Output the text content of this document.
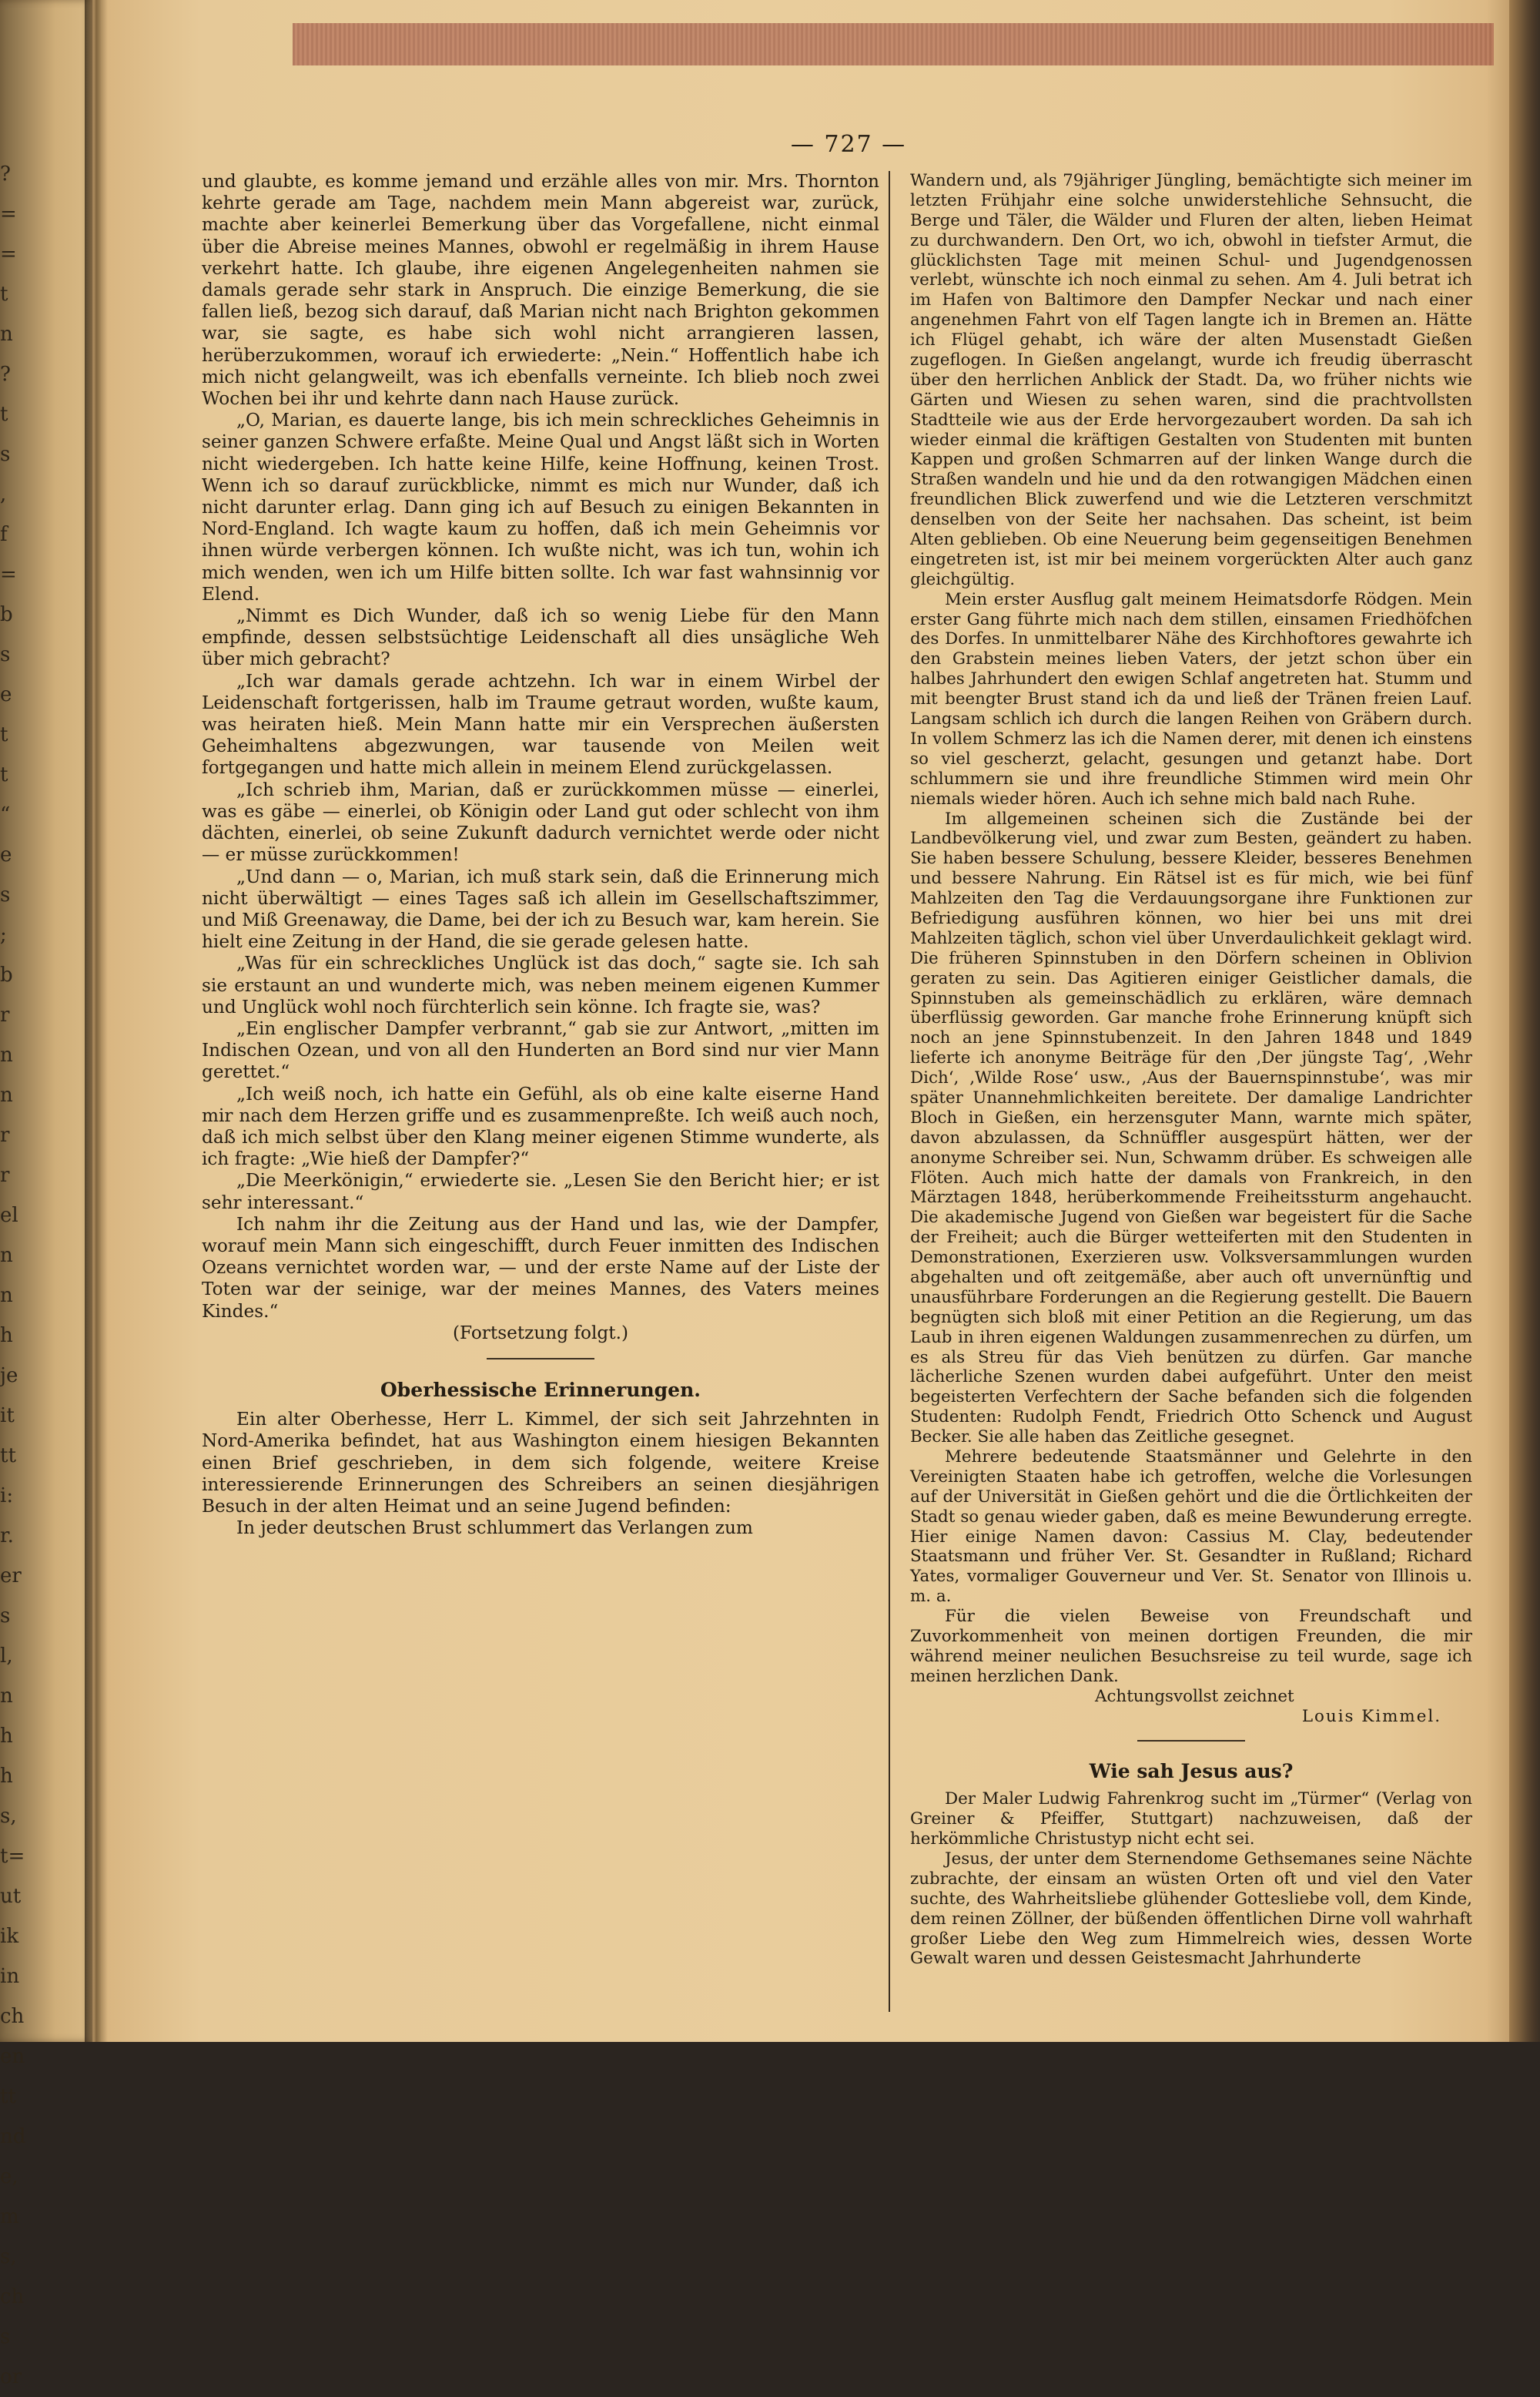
?
=
=
t
n
?
t
s
,
f
=
b
s
e
t
t
“
e
s
;
b
r
n
n
r
r
el
n
n
h
je
it
tt
i:
r.
er
s
l,
n
h
h
s,
t=
ut
ik
in
ch
en
tt
nd
e,
m
s,
ch
s
or
— 727 —

und glaubte, es komme jemand und erzähle alles von mir. Mrs. Thornton kehrte gerade am Tage, nachdem mein Mann abgereist war, zurück, machte aber keinerlei Bemerkung über das Vorgefallene, nicht einmal über die Abreise meines Mannes, obwohl er regelmäßig in ihrem Hause verkehrt hatte. Ich glaube, ihre eigenen Angelegenheiten nahmen sie damals gerade sehr stark in Anspruch. Die einzige Bemerkung, die sie fallen ließ, bezog sich darauf, daß Marian nicht nach Brighton gekommen war, sie sagte, es habe sich wohl nicht arrangieren lassen, herüberzukommen, worauf ich erwiederte: „Nein.“ Hoffentlich habe ich mich nicht gelangweilt, was ich ebenfalls verneinte. Ich blieb noch zwei Wochen bei ihr und kehrte dann nach Hause zurück.

„O, Marian, es dauerte lange, bis ich mein schreckliches Geheimnis in seiner ganzen Schwere erfaßte. Meine Qual und Angst läßt sich in Worten nicht wiedergeben. Ich hatte keine Hilfe, keine Hoffnung, keinen Trost. Wenn ich so darauf zurückblicke, nimmt es mich nur Wunder, daß ich nicht darunter erlag. Dann ging ich auf Besuch zu einigen Bekannten in Nord-England. Ich wagte kaum zu hoffen, daß ich mein Geheimnis vor ihnen würde verbergen können. Ich wußte nicht, was ich tun, wohin ich mich wenden, wen ich um Hilfe bitten sollte. Ich war fast wahnsinnig vor Elend.

„Nimmt es Dich Wunder, daß ich so wenig Liebe für den Mann empfinde, dessen selbstsüchtige Leidenschaft all dies unsägliche Weh über mich gebracht?

„Ich war damals gerade achtzehn. Ich war in einem Wirbel der Leidenschaft fortgerissen, halb im Traume getraut worden, wußte kaum, was heiraten hieß. Mein Mann hatte mir ein Versprechen äußersten Geheimhaltens abgezwungen, war tausende von Meilen weit fortgegangen und hatte mich allein in meinem Elend zurückgelassen.

„Ich schrieb ihm, Marian, daß er zurückkommen müsse — einerlei, was es gäbe — einerlei, ob Königin oder Land gut oder schlecht von ihm dächten, einerlei, ob seine Zukunft dadurch vernichtet werde oder nicht — er müsse zurückkommen!

„Und dann — o, Marian, ich muß stark sein, daß die Erinnerung mich nicht überwältigt — eines Tages saß ich allein im Gesellschaftszimmer, und Miß Greenaway, die Dame, bei der ich zu Besuch war, kam herein. Sie hielt eine Zeitung in der Hand, die sie gerade gelesen hatte.

„Was für ein schreckliches Unglück ist das doch,“ sagte sie. Ich sah sie erstaunt an und wunderte mich, was neben meinem eigenen Kummer und Unglück wohl noch fürchterlich sein könne. Ich fragte sie, was?

„Ein englischer Dampfer verbrannt,“ gab sie zur Antwort, „mitten im Indischen Ozean, und von all den Hunderten an Bord sind nur vier Mann gerettet.“

„Ich weiß noch, ich hatte ein Gefühl, als ob eine kalte eiserne Hand mir nach dem Herzen griffe und es zusammenpreßte. Ich weiß auch noch, daß ich mich selbst über den Klang meiner eigenen Stimme wunderte, als ich fragte: „Wie hieß der Dampfer?“

„Die Meerkönigin,“ erwiederte sie. „Lesen Sie den Bericht hier; er ist sehr interessant.“

Ich nahm ihr die Zeitung aus der Hand und las, wie der Dampfer, worauf mein Mann sich eingeschifft, durch Feuer inmitten des Indischen Ozeans vernichtet worden war, — und der erste Name auf der Liste der Toten war der seinige, war der meines Mannes, des Vaters meines Kindes.“

(Fortsetzung folgt.)

Oberhessische Erinnerungen.

Ein alter Oberhesse, Herr L. Kimmel, der sich seit Jahrzehnten in Nord-Amerika befindet, hat aus Washington einem hiesigen Bekannten einen Brief geschrieben, in dem sich folgende, weitere Kreise interessierende Erinnerungen des Schreibers an seinen diesjährigen Besuch in der alten Heimat und an seine Jugend befinden:

In jeder deutschen Brust schlummert das Verlangen zum

Wandern und, als 79jähriger Jüngling, bemächtigte sich meiner im letzten Frühjahr eine solche unwiderstehliche Sehnsucht, die Berge und Täler, die Wälder und Fluren der alten, lieben Heimat zu durchwandern. Den Ort, wo ich, obwohl in tiefster Armut, die glücklichsten Tage mit meinen Schul- und Jugendgenossen verlebt, wünschte ich noch einmal zu sehen. Am 4. Juli betrat ich im Hafen von Baltimore den Dampfer Neckar und nach einer angenehmen Fahrt von elf Tagen langte ich in Bremen an. Hätte ich Flügel gehabt, ich wäre der alten Musenstadt Gießen zugeflogen. In Gießen angelangt, wurde ich freudig überrascht über den herrlichen Anblick der Stadt. Da, wo früher nichts wie Gärten und Wiesen zu sehen waren, sind die prachtvollsten Stadtteile wie aus der Erde hervorgezaubert worden. Da sah ich wieder einmal die kräftigen Gestalten von Studenten mit bunten Kappen und großen Schmarren auf der linken Wange durch die Straßen wandeln und hie und da den rotwangigen Mädchen einen freundlichen Blick zuwerfend und wie die Letzteren verschmitzt denselben von der Seite her nachsahen. Das scheint, ist beim Alten geblieben. Ob eine Neuerung beim gegenseitigen Benehmen eingetreten ist, ist mir bei meinem vorgerückten Alter auch ganz gleichgültig.

Mein erster Ausflug galt meinem Heimatsdorfe Rödgen. Mein erster Gang führte mich nach dem stillen, einsamen Friedhöfchen des Dorfes. In unmittelbarer Nähe des Kirchhoftores gewahrte ich den Grabstein meines lieben Vaters, der jetzt schon über ein halbes Jahrhundert den ewigen Schlaf angetreten hat. Stumm und mit beengter Brust stand ich da und ließ der Tränen freien Lauf. Langsam schlich ich durch die langen Reihen von Gräbern durch. In vollem Schmerz las ich die Namen derer, mit denen ich einstens so viel gescherzt, gelacht, gesungen und getanzt habe. Dort schlummern sie und ihre freundliche Stimmen wird mein Ohr niemals wieder hören. Auch ich sehne mich bald nach Ruhe.

Im allgemeinen scheinen sich die Zustände bei der Landbevölkerung viel, und zwar zum Besten, geändert zu haben. Sie haben bessere Schulung, bessere Kleider, besseres Benehmen und bessere Nahrung. Ein Rätsel ist es für mich, wie bei fünf Mahlzeiten den Tag die Verdauungsorgane ihre Funktionen zur Befriedigung ausführen können, wo hier bei uns mit drei Mahlzeiten täglich, schon viel über Unverdaulichkeit geklagt wird. Die früheren Spinnstuben in den Dörfern scheinen in Oblivion geraten zu sein. Das Agitieren einiger Geistlicher damals, die Spinnstuben als gemeinschädlich zu erklären, wäre demnach überflüssig geworden. Gar manche frohe Erinnerung knüpft sich noch an jene Spinnstubenzeit. In den Jahren 1848 und 1849 lieferte ich anonyme Beiträge für den ‚Der jüngste Tag‘, ‚Wehr Dich‘, ‚Wilde Rose‘ usw., ‚Aus der Bauernspinnstube‘, was mir später Unannehmlichkeiten bereitete. Der damalige Landrichter Bloch in Gießen, ein herzensguter Mann, warnte mich später, davon abzulassen, da Schnüffler ausgespürt hätten, wer der anonyme Schreiber sei. Nun, Schwamm drüber. Es schweigen alle Flöten. Auch mich hatte der damals von Frankreich, in den Märztagen 1848, herüberkommende Freiheitssturm angehaucht. Die akademische Jugend von Gießen war begeistert für die Sache der Freiheit; auch die Bürger wetteiferten mit den Studenten in Demonstrationen, Exerzieren usw. Volksversammlungen wurden abgehalten und oft zeitgemäße, aber auch oft unvernünftig und unausführbare Forderungen an die Regierung gestellt. Die Bauern begnügten sich bloß mit einer Petition an die Regierung, um das Laub in ihren eigenen Waldungen zusammenrechen zu dürfen, um es als Streu für das Vieh benützen zu dürfen. Gar manche lächerliche Szenen wurden dabei aufgeführt. Unter den meist begeisterten Verfechtern der Sache befanden sich die folgenden Studenten: Rudolph Fendt, Friedrich Otto Schenck und August Becker. Sie alle haben das Zeitliche gesegnet.

Mehrere bedeutende Staatsmänner und Gelehrte in den Vereinigten Staaten habe ich getroffen, welche die Vorlesungen auf der Universität in Gießen gehört und die die Örtlichkeiten der Stadt so genau wieder gaben, daß es meine Bewunderung erregte. Hier einige Namen davon: Cassius M. Clay, bedeutender Staatsmann und früher Ver. St. Gesandter in Rußland; Richard Yates, vormaliger Gouverneur und Ver. St. Senator von Illinois u. m. a.

Für die vielen Beweise von Freundschaft und Zuvorkommenheit von meinen dortigen Freunden, die mir während meiner neulichen Besuchsreise zu teil wurde, sage ich meinen herzlichen Dank.

Achtungsvollst zeichnet

Louis Kimmel.

Wie sah Jesus aus?

Der Maler Ludwig Fahrenkrog sucht im „Türmer“ (Verlag von Greiner & Pfeiffer, Stuttgart) nachzuweisen, daß der herkömmliche Christustyp nicht echt sei.

Jesus, der unter dem Sternendome Gethsemanes seine Nächte zubrachte, der einsam an wüsten Orten oft und viel den Vater suchte, des Wahrheitsliebe glühender Gottesliebe voll, dem Kinde, dem reinen Zöllner, der büßenden öffentlichen Dirne voll wahrhaft großer Liebe den Weg zum Himmelreich wies, dessen Worte Gewalt waren und dessen Geistesmacht Jahrhunderte
